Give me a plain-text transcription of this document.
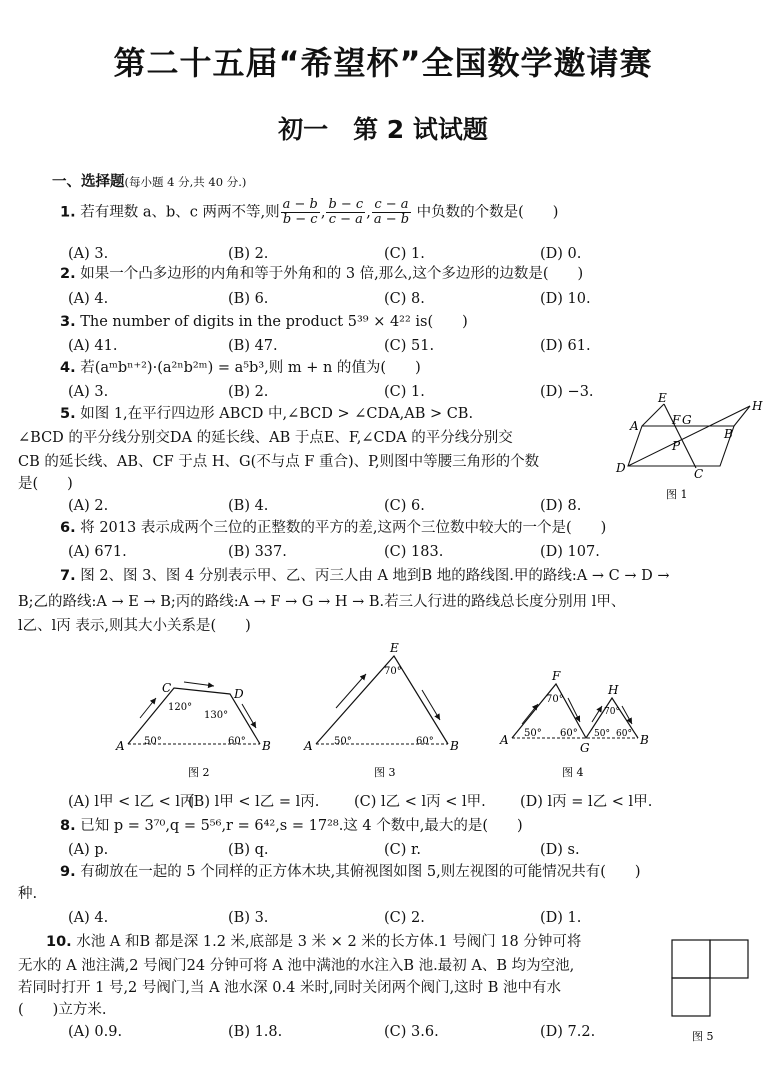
第二十五届“希望杯”全国数学邀请赛
初一　第 2 试试题
一、选择题(每小题 4 分,共 40 分.)
1. 若有理数 a、b、c 两两不等,则 $\frac{a - b}{b - c}$ , $\frac{b - c}{c - a}$ , $\frac{c - a}{a - b}$ 中负数的个数是(　　)
(A) 3.	(B) 2.	(C) 1.	(D) 0.
2. 如果一个凸多边形的内角和等于外角和的 3 倍,那么,这个多边形的边数是(　　)
(A) 4.	(B) 6.	(C) 8.	(D) 10.
3. The number of digits in the product 5³⁹ × 4²² is(　　)
(A) 41.	(B) 47.	(C) 51.	(D) 61.
4. 若(aᵐbⁿ⁺²)·(a²ⁿb²ᵐ) = a⁵b³,则 m + n 的值为(　　)
(A) 3.	(B) 2.	(C) 1.	(D) −3.
5. 如图 1,在平行四边形 ABCD 中,∠BCD > ∠CDA,AB > CB.
∠BCD 的平分线分别交DA 的延长线、AB 于点E、F,∠CDA 的平分线分别交
CB 的延长线、AB、CF 于点 H、G(不与点 F 重合)、P,则图中等腰三角形的个数
是(　　)
(A) 2.	(B) 4.	(C) 6.	(D) 8.
E
F G
H
A
B
C
D
P
图 1
6. 将 2013 表示成两个三位的正整数的平方的差,这两个三位数中较大的一个是(　　)
(A) 671.	(B) 337.	(C) 183.	(D) 107.
7. 图 2、图 3、图 4 分别表示甲、乙、丙三人由 A 地到B 地的路线图.甲的路线:A → C → D →
B;乙的路线:A → E → B;丙的路线:A → F → G → H → B.若三人行进的路线总长度分别用 l甲、
l乙、l丙 表示,则其大小关系是(　　)
A	B
C	D
120°
130°
50°	60°
图 2
A	B
E
70°
50°	60°
图 3
A	B
F
G
H
70°
50° 60°
70°
50° 60°
图 4
(A) l甲 < l乙 < l丙.
(B) l甲 < l乙 = l丙. (C) l乙 < l丙 < l甲. (D) l丙 = l乙 < l甲.
8. 已知 p = 3⁷⁰,q = 5⁵⁶,r = 6⁴²,s = 17²⁸.这 4 个数中,最大的是(　　)
(A) p.	(B) q.	(C) r.	(D) s.
9. 有砌放在一起的 5 个同样的正方体木块,其俯视图如图 5,则左视图的可能情况共有(　　)
种.
(A) 4.	(B) 3.	(C) 2.	(D) 1.
10. 水池 A 和B 都是深 1.2 米,底部是 3 米 × 2 米的长方体.1 号阀门 18 分钟可将
无水的 A 池注满,2 号阀门24 分钟可将 A 池中满池的水注入B 池.最初 A、B 均为空池,
若同时打开 1 号,2 号阀门,当 A 池水深 0.4 米时,同时关闭两个阀门,这时 B 池中有水
(　　)立方米.
(A) 0.9.	(B) 1.8.	(C) 3.6.	(D) 7.2.	图 5
